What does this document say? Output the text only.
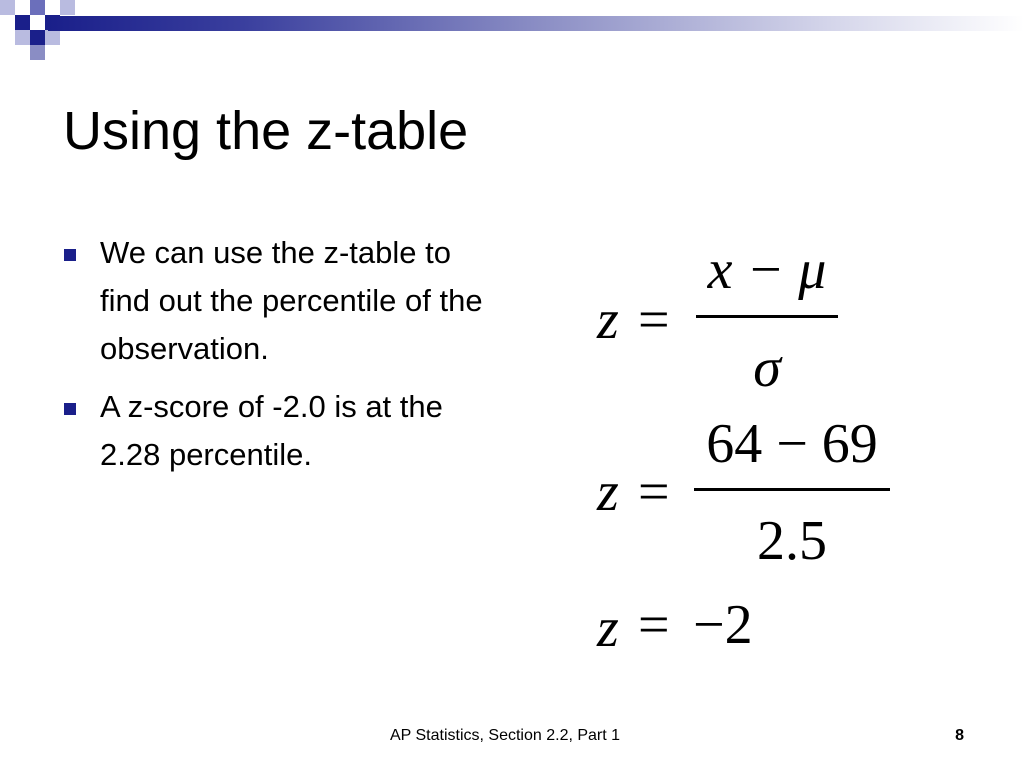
Using the z-table
We can use the z-table to find out the percentile of the observation.
A z-score of -2.0 is at the 2.28 percentile.
z =
x − μ
σ
z =
64 − 69
2.5
z = −2
AP Statistics, Section 2.2, Part 1	8
